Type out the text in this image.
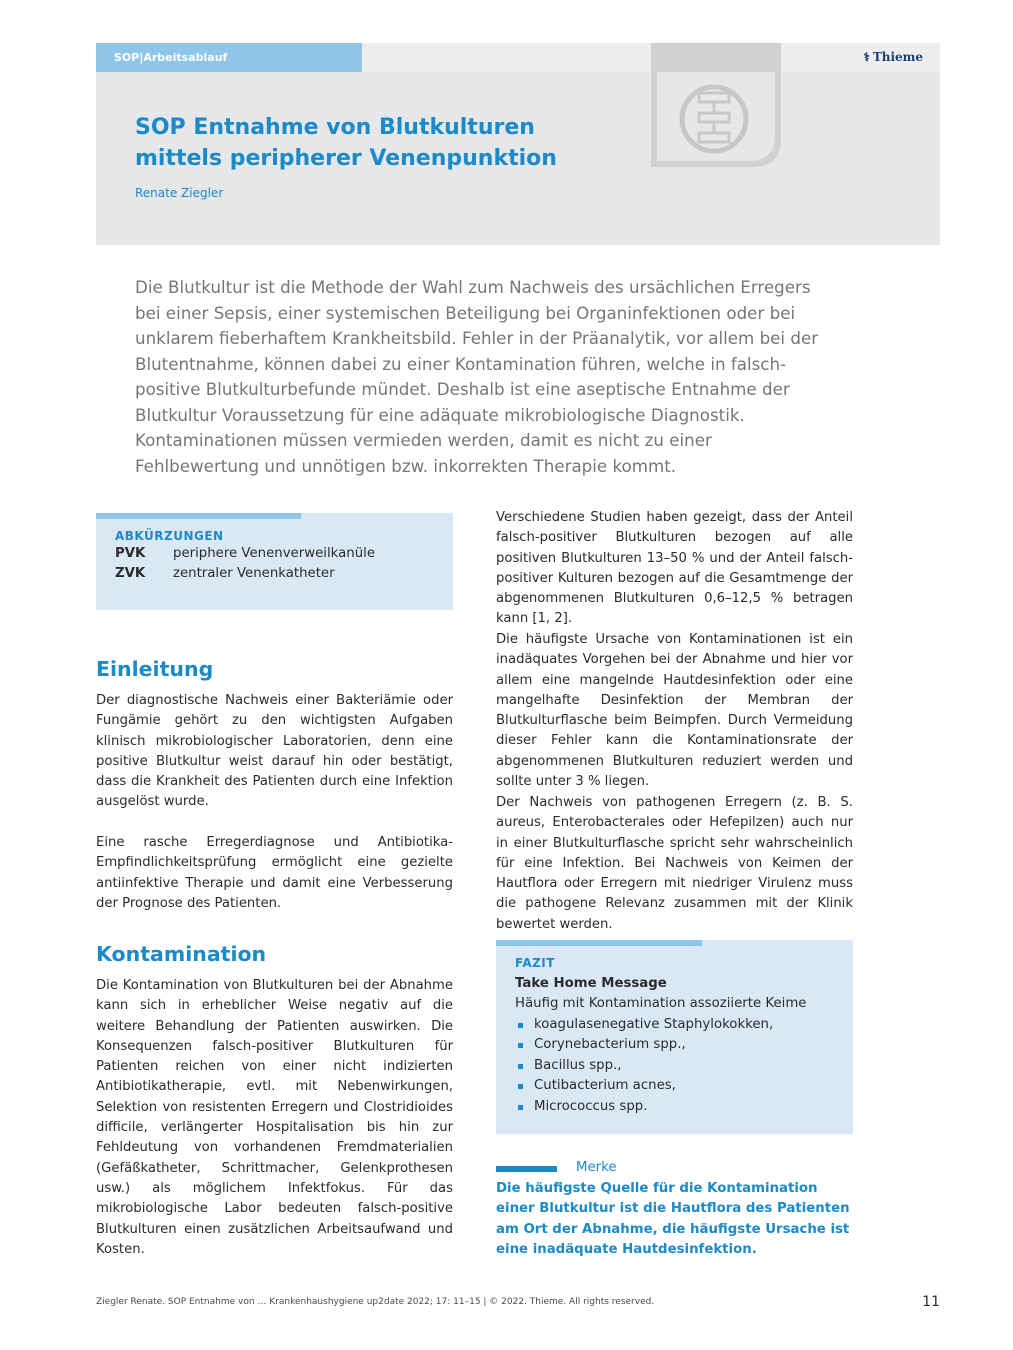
SOP|Arbeitsablauf	⚕ Thieme
SOP Entnahme von Blutkulturen
mittels peripherer Venenpunktion
Renate Ziegler

Die Blutkultur ist die Methode der Wahl zum Nachweis des ursächlichen Erregers bei einer Sepsis, einer systemischen Beteiligung bei Organinfektionen oder bei unklarem fieberhaftem Krankheitsbild. Fehler in der Präanalytik, vor allem bei der Blutentnahme, können dabei zu einer Kontamination führen, welche in falsch-positive Blutkulturbefunde mündet. Deshalb ist eine aseptische Entnahme der Blutkultur Voraussetzung für eine adäquate mikrobiologische Diagnostik. Kontaminationen müssen vermieden werden, damit es nicht zu einer Fehlbewertung und unnötigen bzw. inkorrekten Therapie kommt.

ABKÜRZUNGEN
PVK	periphere Venenverweilkanüle
ZVK	zentraler Venenkatheter
Einleitung

Der diagnostische Nachweis einer Bakteriämie oder Fungämie gehört zu den wichtigsten Aufgaben klinisch mikrobiologischer Laboratorien, denn eine positive Blutkultur weist darauf hin oder bestätigt, dass die Krankheit des Patienten durch eine Infektion ausgelöst wurde.

Eine rasche Erregerdiagnose und Antibiotika-Empfindlichkeitsprüfung ermöglicht eine gezielte antiinfektive Therapie und damit eine Verbesserung der Prognose des Patienten.

Kontamination

Die Kontamination von Blutkulturen bei der Abnahme kann sich in erheblicher Weise negativ auf die weitere Behandlung der Patienten auswirken. Die Konsequenzen falsch-positiver Blutkulturen für Patienten reichen von einer nicht indizierten Antibiotikatherapie, evtl. mit Nebenwirkungen, Selektion von resistenten Erregern und Clostridioides difficile, verlängerter Hospitalisation bis hin zur Fehldeutung von vorhandenen Fremdmaterialien (Gefäßkatheter, Schrittmacher, Gelenkprothesen usw.) als möglichem Infektfokus. Für das mikrobiologische Labor bedeuten falsch-positive Blutkulturen einen zusätzlichen Arbeitsaufwand und Kosten.

Verschiedene Studien haben gezeigt, dass der Anteil falsch-positiver Blutkulturen bezogen auf alle positiven Blutkulturen 13–50 % und der Anteil falsch-positiver Kulturen bezogen auf die Gesamtmenge der abgenommenen Blutkulturen 0,6–12,5 % betragen kann [1, 2].

Die häufigste Ursache von Kontaminationen ist ein inadäquates Vorgehen bei der Abnahme und hier vor allem eine mangelnde Hautdesinfektion oder eine mangelhafte Desinfektion der Membran der Blutkulturflasche beim Beimpfen. Durch Vermeidung dieser Fehler kann die Kontaminationsrate der abgenommenen Blutkulturen reduziert werden und sollte unter 3 % liegen.

Der Nachweis von pathogenen Erregern (z. B. S. aureus, Enterobacterales oder Hefepilzen) auch nur in einer Blutkulturflasche spricht sehr wahrscheinlich für eine Infektion. Bei Nachweis von Keimen der Hautflora oder Erregern mit niedriger Virulenz muss die pathogene Relevanz zusammen mit der Klinik bewertet werden.

FAZIT
Take Home Message
Häufig mit Kontamination assoziierte Keime
koagulasenegative Staphylokokken,
Corynebacterium spp.,
Bacillus spp.,
Cutibacterium acnes,
Micrococcus spp.
Merke

Die häufigste Quelle für die Kontamination einer Blutkultur ist die Hautflora des Patienten am Ort der Abnahme, die häufigste Ursache ist eine inadäquate Hautdesinfektion.

Ziegler Renate. SOP Entnahme von … Krankenhaushygiene up2date 2022; 17: 11–15 | © 2022. Thieme. All rights reserved.	11
